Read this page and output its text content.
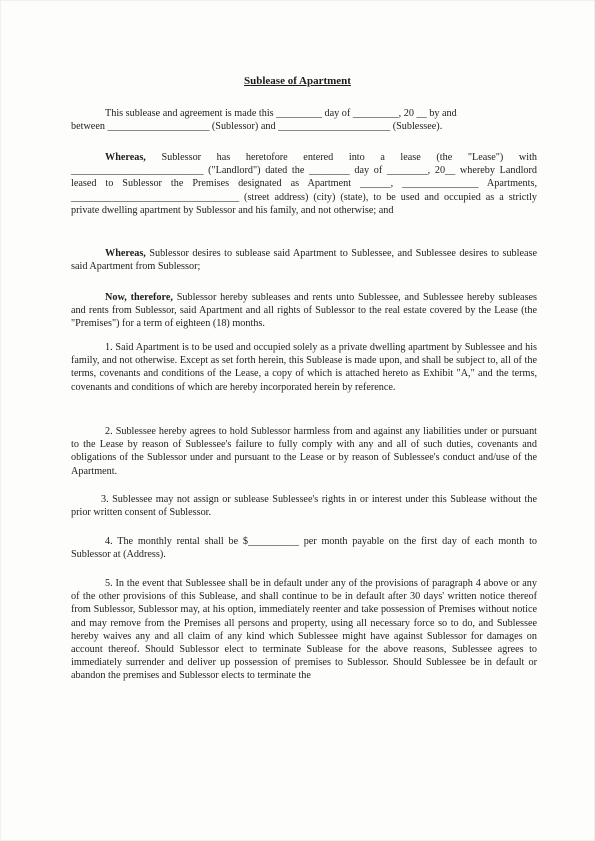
Sublease of Apartment

This sublease and agreement is made this _________ day of _________, 20 __ by and

between ____________________ (Sublessor) and ______________________ (Sublessee).

Whereas, Sublessor has heretofore entered into a lease (the "Lease") with __________________________ ("Landlord") dated the ________ day of ________, 20__ whereby Landlord leased to Sublessor the Premises designated as Apartment ______, _______________ Apartments, _________________________________ (street address) (city) (state), to be used and occupied as a strictly private dwelling apartment by Sublessor and his family, and not otherwise; and

Whereas, Sublessor desires to sublease said Apartment to Sublessee, and Sublessee desires to sublease said Apartment from Sublessor;

Now, therefore, Sublessor hereby subleases and rents unto Sublessee, and Sublessee hereby subleases and rents from Sublessor, said Apartment and all rights of Sublessor to the real estate covered by the Lease (the "Premises") for a term of eighteen (18) months.

1. Said Apartment is to be used and occupied solely as a private dwelling apartment by Sublessee and his family, and not otherwise. Except as set forth herein, this Sublease is made upon, and shall be subject to, all of the terms, covenants and conditions of the Lease, a copy of which is attached hereto as Exhibit "A," and the terms, covenants and conditions of which are hereby incorporated herein by reference.

2. Sublessee hereby agrees to hold Sublessor harmless from and against any liabilities under or pursuant to the Lease by reason of Sublessee's failure to fully comply with any and all of such duties, covenants and obligations of the Sublessor under and pursuant to the Lease or by reason of Sublessee's conduct and/use of the Apartment.

3. Sublessee may not assign or sublease Sublessee's rights in or interest under this Sublease without the prior written consent of Sublessor.

4. The monthly rental shall be $__________ per month payable on the first day of each month to Sublessor at (Address).

5. In the event that Sublessee shall be in default under any of the provisions of paragraph 4 above or any of the other provisions of this Sublease, and shall continue to be in default after 30 days' written notice thereof from Sublessor, Sublessor may, at his option, immediately reenter and take possession of Premises without notice and may remove from the Premises all persons and property, using all necessary force so to do, and Sublessee hereby waives any and all claim of any kind which Sublessee might have against Sublessor for damages on account thereof. Should Sublessor elect to terminate Sublease for the above reasons, Sublessee agrees to immediately surrender and deliver up possession of premises to Sublessor. Should Sublessee be in default or abandon the premises and Sublessor elects to terminate the
